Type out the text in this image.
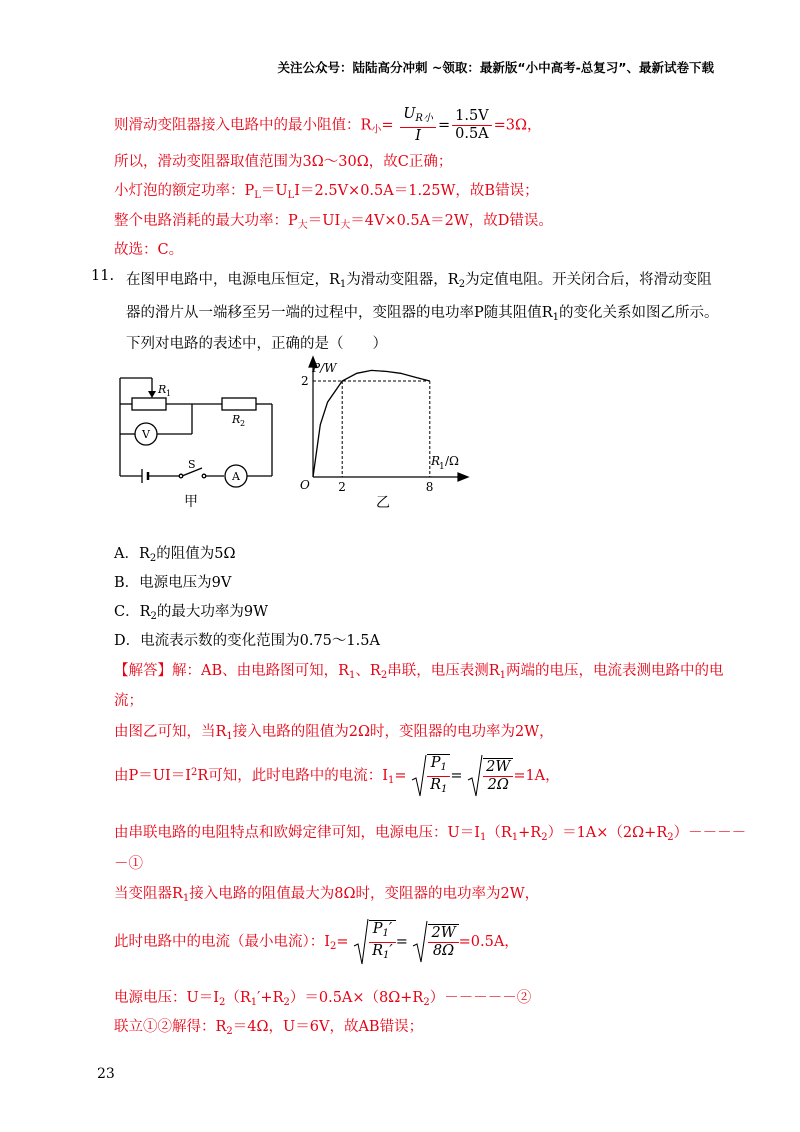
关注公众号：陆陆高分冲刺 ~领取：最新版“小中高考-总复习”、最新试卷下载
则滑动变阻器接入电路中的最小阻值：$R_小= \frac{U_{R小}}{I} = \frac{1.5V}{0.5A} =3\Omega$，
所以，滑动变阻器取值范围为3Ω～30Ω，故C正确；
小灯泡的额定功率：$P_L=U_LI=2.5V\times 0.5A=1.25W$，故B错误；
整个电路消耗的最大功率：$P_大=UI_大=4V\times 0.5A=2W$，故D错误。
故选：C。
11. 在图甲电路中，电源电压恒定，$R_1$为滑动变阻器，$R_2$为定值电阻。开关闭合后，将滑动变阻
器的滑片从一端移至另一端的过程中，变阻器的电功率P随其阻值$R_1$的变化关系如图乙所示。
下列对电路的表述中，正确的是（　　）
R 1
R 2
V
A
S
甲
2	8
2
P/W
R
1 /Ω
O
乙
A．$R_2$的阻值为5Ω
B．电源电压为9V
C．$R_2$的最大功率为9W
D．电流表示数的变化范围为0.75～1.5A
【解答】解：AB、由电路图可知，$R_1$、$R_2$串联，电压表测$R_1$两端的电压，电流表测电路中的电
流；
由图乙可知，当$R_1$接入电路的阻值为2Ω时，变阻器的电功率为2W，
由$P=UI=I^2R$可知，此时电路中的电流：$I_1= \frac{P_1}{R_1} = \frac{2W}{2\Omega} =1A$，
由串联电路的电阻特点和欧姆定律可知，电源电压：$U=I_1(R_1+R_2)=1A\times(2\Omega+R_2)----$
－①
当变阻器$R_1$接入电路的阻值最大为8Ω时，变阻器的电功率为2W，
此时电路中的电流（最小电流）：$I_2= \frac{P_1'}{R_1'} = \frac{2W}{8\Omega} =0.5A$，
电源电压：$U=I_2(R_1'+R_2)=0.5A\times(8\Omega+R_2)-----②$
联立①②解得：$R_2=4\Omega$，U＝6V，故AB错误；
23
